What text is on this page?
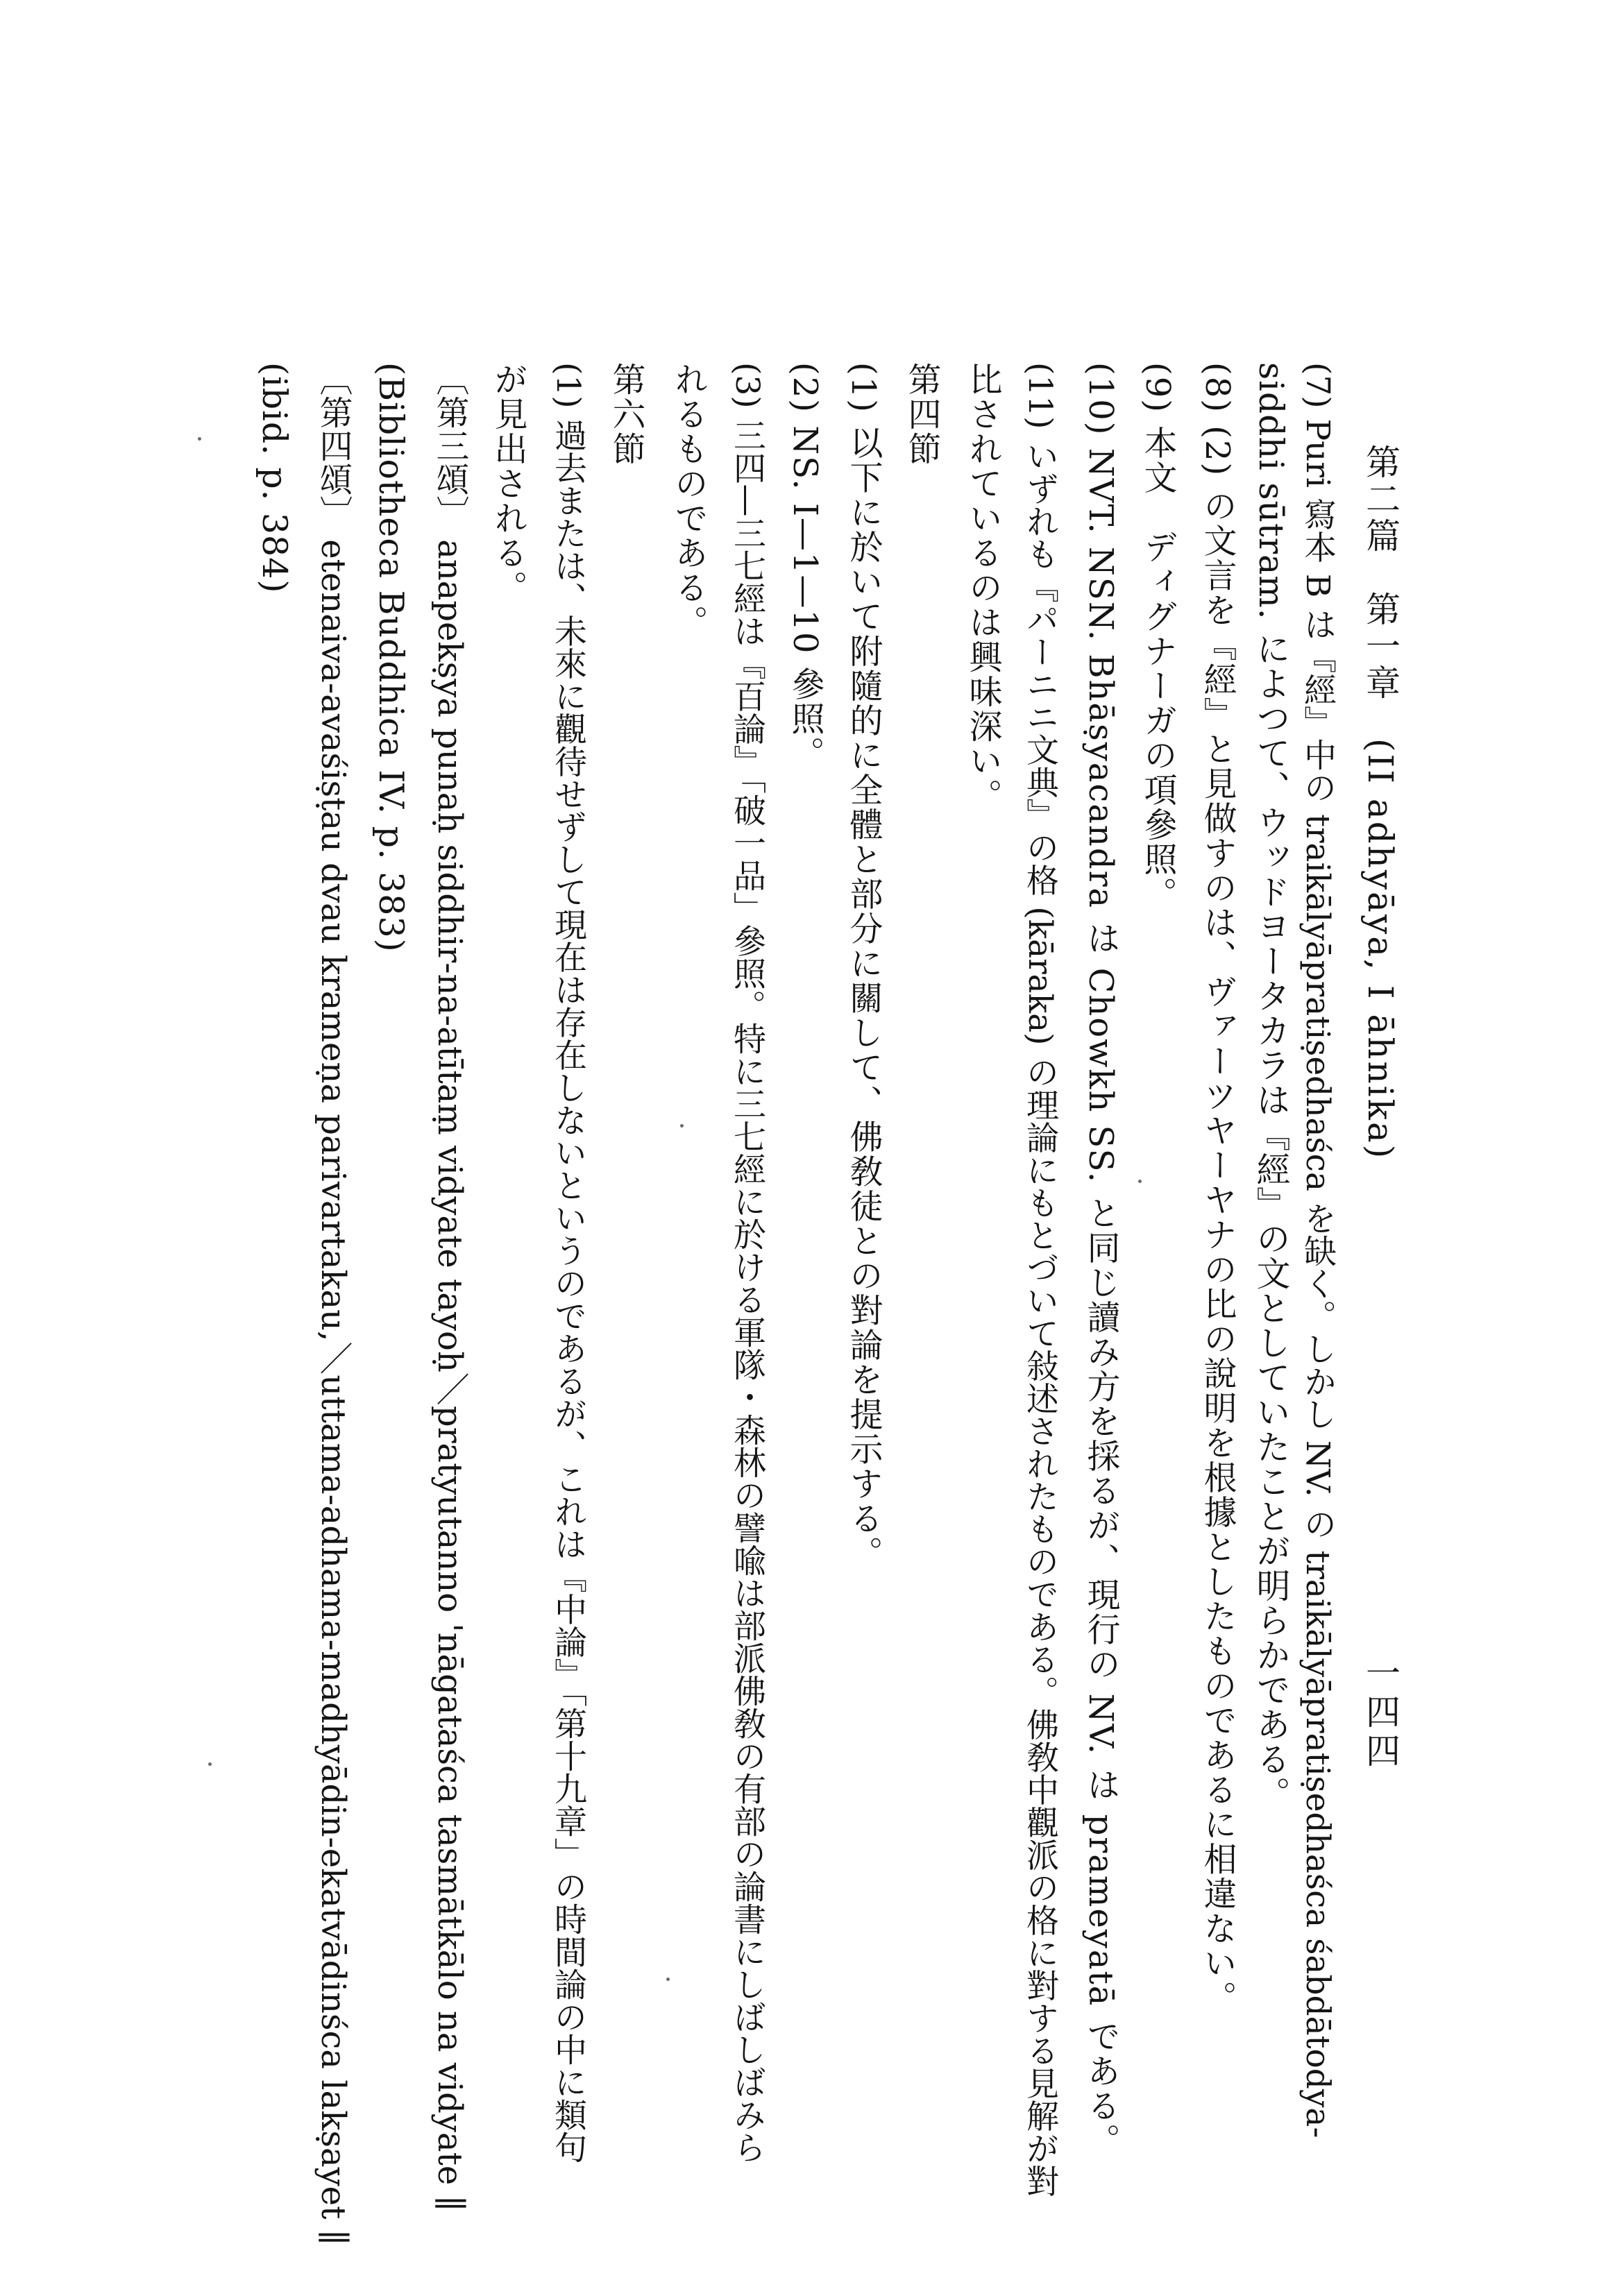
第二篇　第一章　(II adhyāya, I āhnika)
一四四
(7) Puri 寫本 B は『經』中の traikālyāpratiṣedhaśca を缺く。しかし NV. の traikālyāpratiṣedhaśca śabdātodya-
siddhi sūtram. によつて、ウッドヨータカラは『經』の文としていたことが明らかである。
(8) (2) の文言を『經』と見做すのは、ヴァーツヤーヤナの比の說明を根據としたものであるに相違ない。
(9) 本文　ディグナーガの項參照。
(10) NVT. NSN. Bhāṣyacandra は Chowkh SS. と同じ讀み方を採るが、現行の NV. は prameyatā である。
(11) いずれも『パーニニ文典』の格 (kāraka) の理論にもとづいて敍述されたものである。佛敎中觀派の格に對する見解が對
比されているのは興味深い。
第四節
(1) 以下に於いて附隨的に全體と部分に關して、佛敎徒との對論を提示する。
(2) NS. I—1—10 參照。
(3) 三四—三七經は『百論』「破一品」參照。特に三七經に於ける軍隊・森林の譬喩は部派佛敎の有部の論書にしばしばみら
れるものである。
第六節
(1) 過去または、未來に觀待せずして現在は存在しないというのであるが、これは『中論』「第十九章」の時間論の中に類句
が見出される。
〔第三頌〕 anapekṣya punaḥ siddhir-na-atītaṃ vidyate tayoḥ／pratyutanno 'nāgataśca tasmātkālo na vidyate ∥
(Bibliotheca Buddhica IV. p. 383)
〔第四頌〕 etenaiva-avaśiṣṭau dvau krameṇa parivartakau,／uttama-adhama-madhyādin-ekatvādinśca lakṣayet ∥
(ibid. p. 384)
